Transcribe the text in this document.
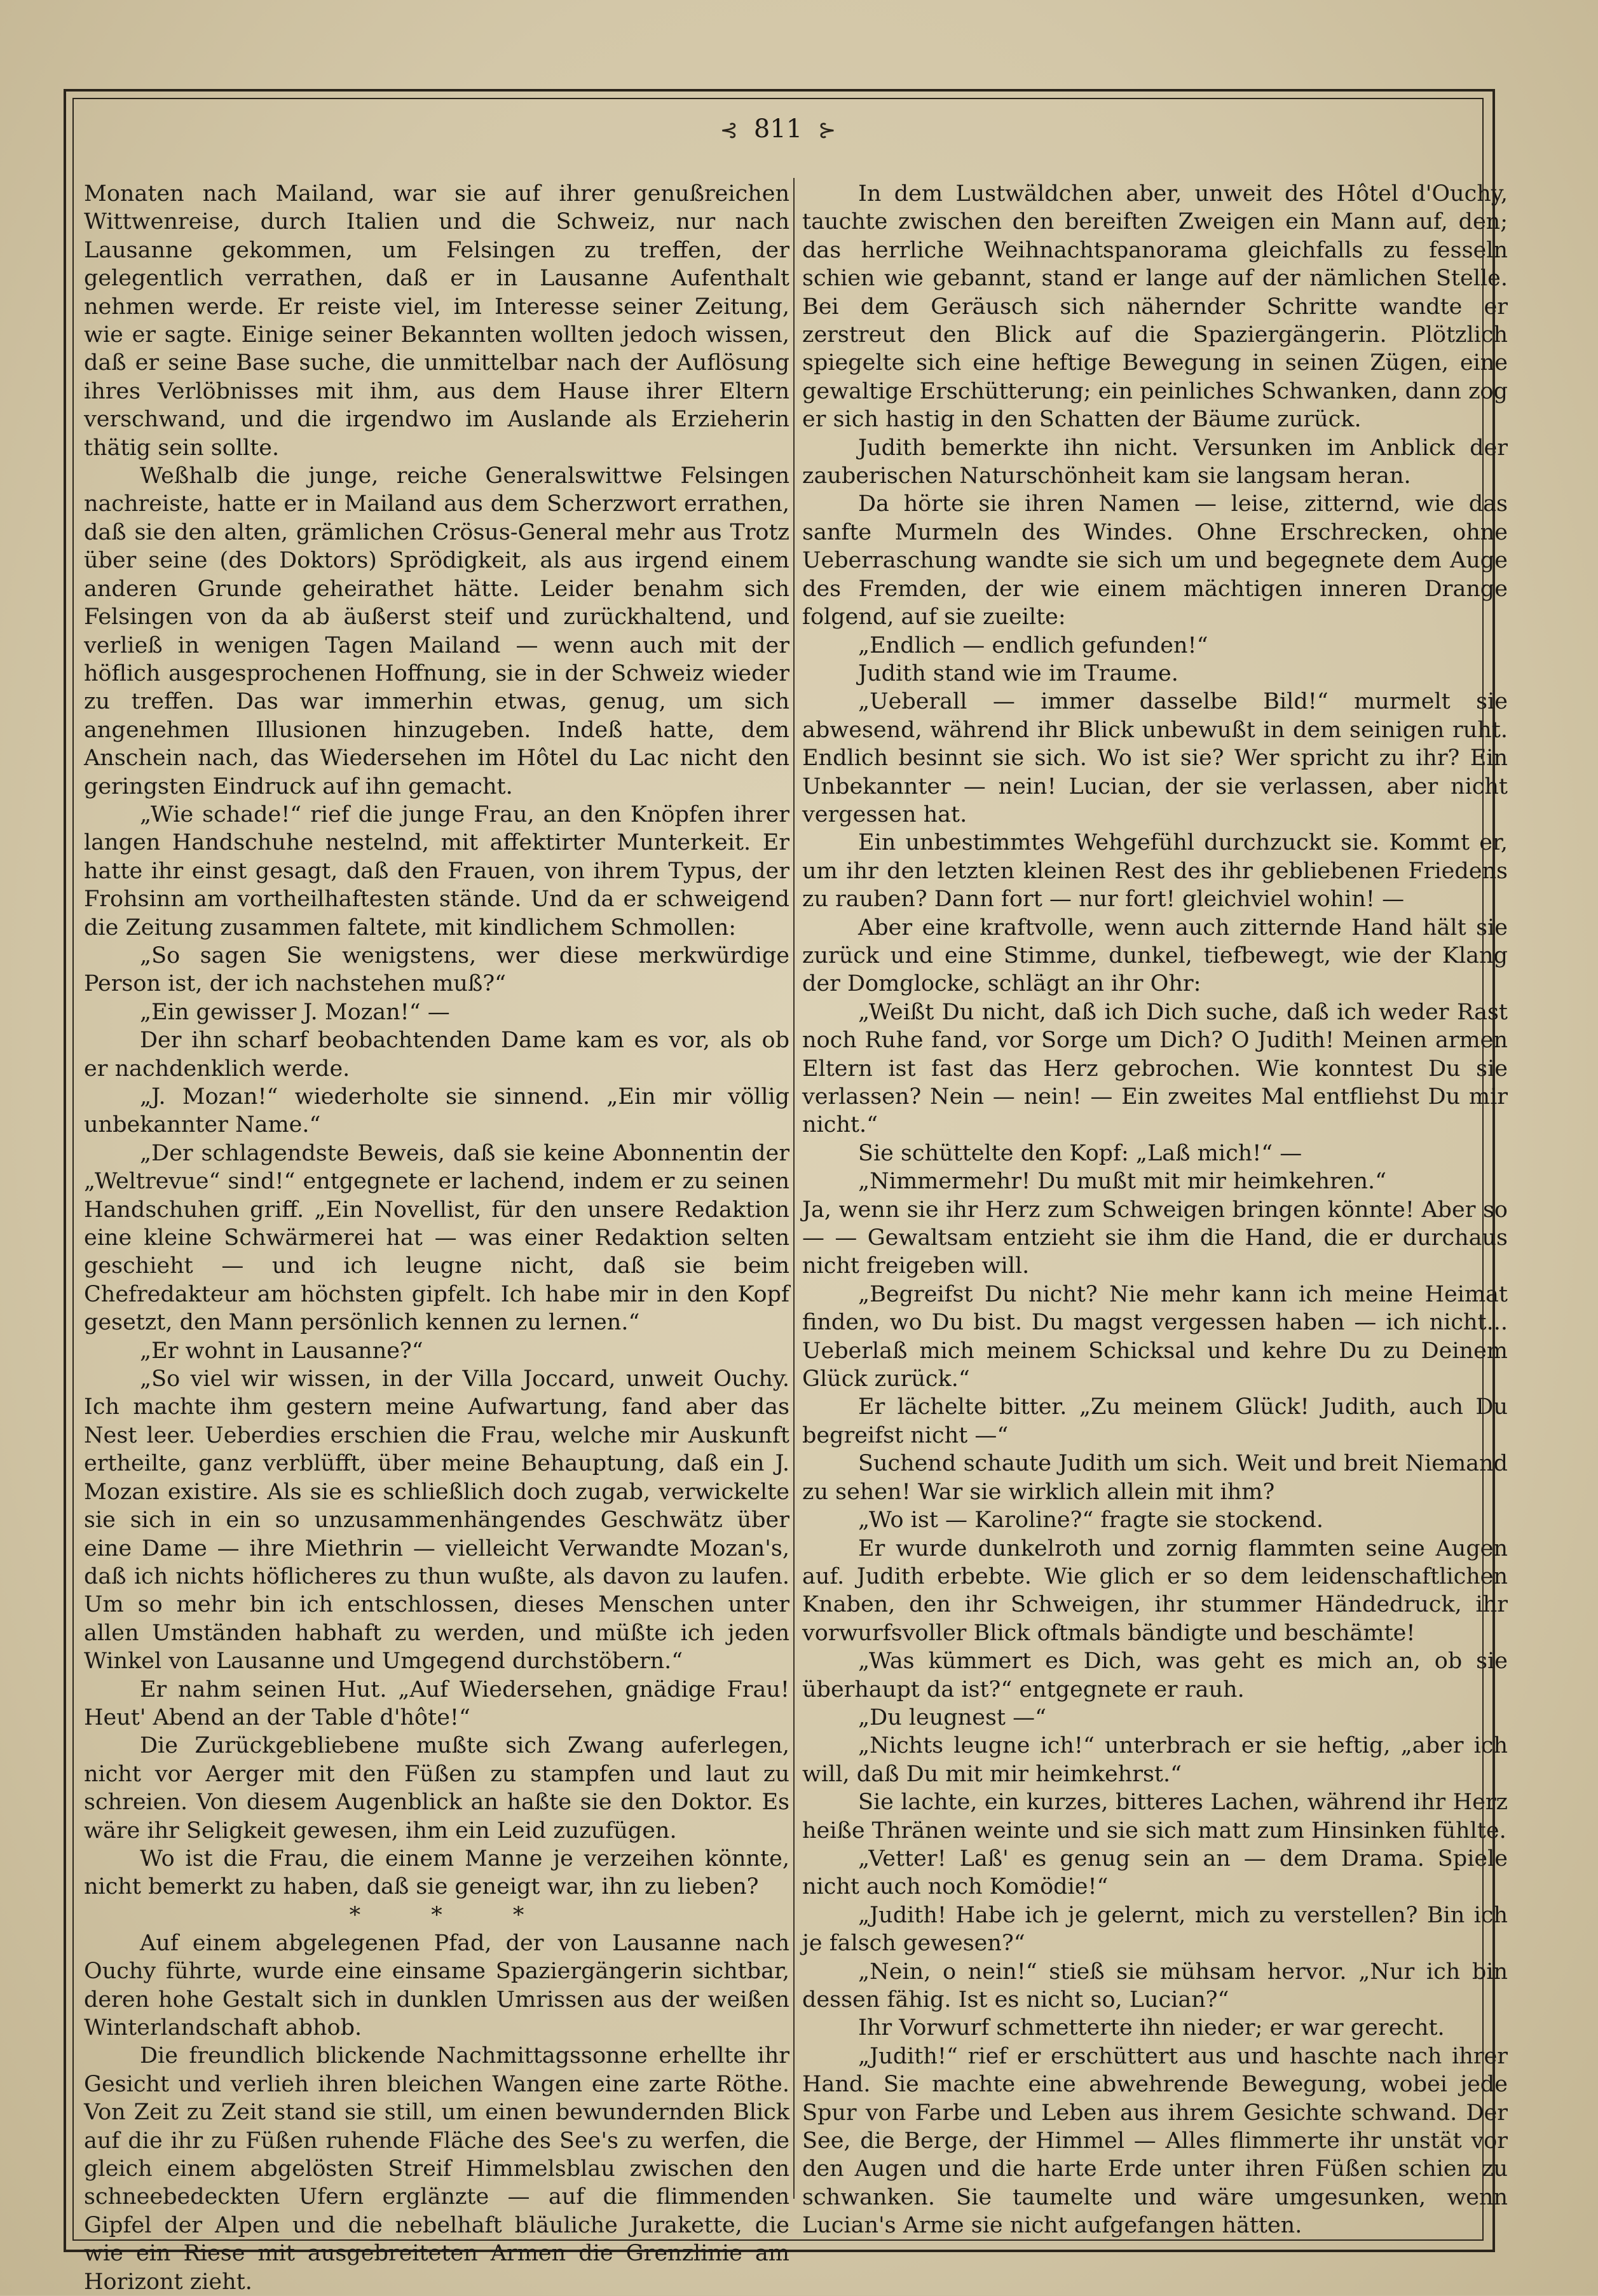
⊰ 811 ⊱

Monaten nach Mailand, war sie auf ihrer genußreichen Wittwenreise, durch Italien und die Schweiz, nur nach Lausanne gekommen, um Felsingen zu treffen, der gelegentlich verrathen, daß er in Lausanne Aufenthalt nehmen werde. Er reiste viel, im Interesse seiner Zeitung, wie er sagte. Einige seiner Bekannten wollten jedoch wissen, daß er seine Base suche, die unmittelbar nach der Auflösung ihres Verlöbnisses mit ihm, aus dem Hause ihrer Eltern verschwand, und die irgendwo im Auslande als Erzieherin thätig sein sollte.

Weßhalb die junge, reiche Generalswittwe Felsingen nachreiste, hatte er in Mailand aus dem Scherzwort errathen, daß sie den alten, grämlichen Crösus-General mehr aus Trotz über seine (des Doktors) Sprödigkeit, als aus irgend einem anderen Grunde geheirathet hätte. Leider benahm sich Felsingen von da ab äußerst steif und zurückhaltend, und verließ in wenigen Tagen Mailand — wenn auch mit der höflich ausgesprochenen Hoffnung, sie in der Schweiz wieder zu treffen. Das war immerhin etwas, genug, um sich angenehmen Illusionen hinzugeben. Indeß hatte, dem Anschein nach, das Wiedersehen im Hôtel du Lac nicht den geringsten Eindruck auf ihn gemacht.

„Wie schade!“ rief die junge Frau, an den Knöpfen ihrer langen Handschuhe nestelnd, mit affektirter Munterkeit. Er hatte ihr einst gesagt, daß den Frauen, von ihrem Typus, der Frohsinn am vortheilhaftesten stände. Und da er schweigend die Zeitung zusammen faltete, mit kindlichem Schmollen:

„So sagen Sie wenigstens, wer diese merkwürdige Person ist, der ich nachstehen muß?“

„Ein gewisser J. Mozan!“ —

Der ihn scharf beobachtenden Dame kam es vor, als ob er nachdenklich werde.

„J. Mozan!“ wiederholte sie sinnend. „Ein mir völlig unbekannter Name.“

„Der schlagendste Beweis, daß sie keine Abonnentin der „Weltrevue“ sind!“ entgegnete er lachend, indem er zu seinen Handschuhen griff. „Ein Novellist, für den unsere Redaktion eine kleine Schwärmerei hat — was einer Redaktion selten geschieht — und ich leugne nicht, daß sie beim Chefredakteur am höchsten gipfelt. Ich habe mir in den Kopf gesetzt, den Mann persönlich kennen zu lernen.“

„Er wohnt in Lausanne?“

„So viel wir wissen, in der Villa Joccard, unweit Ouchy. Ich machte ihm gestern meine Aufwartung, fand aber das Nest leer. Ueberdies erschien die Frau, welche mir Auskunft ertheilte, ganz verblüfft, über meine Behauptung, daß ein J. Mozan existire. Als sie es schließlich doch zugab, verwickelte sie sich in ein so unzusammenhängendes Geschwätz über eine Dame — ihre Miethrin — vielleicht Verwandte Mozan's, daß ich nichts höflicheres zu thun wußte, als davon zu laufen. Um so mehr bin ich entschlossen, dieses Menschen unter allen Umständen habhaft zu werden, und müßte ich jeden Winkel von Lausanne und Umgegend durchstöbern.“

Er nahm seinen Hut. „Auf Wiedersehen, gnädige Frau! Heut' Abend an der Table d'hôte!“

Die Zurückgebliebene mußte sich Zwang auferlegen, nicht vor Aerger mit den Füßen zu stampfen und laut zu schreien. Von diesem Augenblick an haßte sie den Doktor. Es wäre ihr Seligkeit gewesen, ihm ein Leid zuzufügen.

Wo ist die Frau, die einem Manne je verzeihen könnte, nicht bemerkt zu haben, daß sie geneigt war, ihn zu lieben?

* * *

Auf einem abgelegenen Pfad, der von Lausanne nach Ouchy führte, wurde eine einsame Spaziergängerin sichtbar, deren hohe Gestalt sich in dunklen Umrissen aus der weißen Winterlandschaft abhob.

Die freundlich blickende Nachmittagssonne erhellte ihr Gesicht und verlieh ihren bleichen Wangen eine zarte Röthe. Von Zeit zu Zeit stand sie still, um einen bewundernden Blick auf die ihr zu Füßen ruhende Fläche des See's zu werfen, die gleich einem abgelösten Streif Himmelsblau zwischen den schneebedeckten Ufern erglänzte — auf die flimmenden Gipfel der Alpen und die nebelhaft bläuliche Jurakette, die wie ein Riese mit ausgebreiteten Armen die Grenzlinie am Horizont zieht.

In dem Lustwäldchen aber, unweit des Hôtel d'Ouchy, tauchte zwischen den bereiften Zweigen ein Mann auf, den; das herrliche Weihnachtspanorama gleichfalls zu fesseln schien wie gebannt, stand er lange auf der nämlichen Stelle. Bei dem Geräusch sich nähernder Schritte wandte er zerstreut den Blick auf die Spaziergängerin. Plötzlich spiegelte sich eine heftige Bewegung in seinen Zügen, eine gewaltige Erschütterung; ein peinliches Schwanken, dann zog er sich hastig in den Schatten der Bäume zurück.

Judith bemerkte ihn nicht. Versunken im Anblick der zauberischen Naturschönheit kam sie langsam heran.

Da hörte sie ihren Namen — leise, zitternd, wie das sanfte Murmeln des Windes. Ohne Erschrecken, ohne Ueberraschung wandte sie sich um und begegnete dem Auge des Fremden, der wie einem mächtigen inneren Drange folgend, auf sie zueilte:

„Endlich — endlich gefunden!“

Judith stand wie im Traume.

„Ueberall — immer dasselbe Bild!“ murmelt sie abwesend, während ihr Blick unbewußt in dem seinigen ruht. Endlich besinnt sie sich. Wo ist sie? Wer spricht zu ihr? Ein Unbekannter — nein! Lucian, der sie verlassen, aber nicht vergessen hat.

Ein unbestimmtes Wehgefühl durchzuckt sie. Kommt er, um ihr den letzten kleinen Rest des ihr gebliebenen Friedens zu rauben? Dann fort — nur fort! gleichviel wohin! —

Aber eine kraftvolle, wenn auch zitternde Hand hält sie zurück und eine Stimme, dunkel, tiefbewegt, wie der Klang der Domglocke, schlägt an ihr Ohr:

„Weißt Du nicht, daß ich Dich suche, daß ich weder Rast noch Ruhe fand, vor Sorge um Dich? O Judith! Meinen armen Eltern ist fast das Herz gebrochen. Wie konntest Du sie verlassen? Nein — nein! — Ein zweites Mal entfliehst Du mir nicht.“

Sie schüttelte den Kopf: „Laß mich!“ —

„Nimmermehr! Du mußt mit mir heimkehren.“

Ja, wenn sie ihr Herz zum Schweigen bringen könnte! Aber so — — Gewaltsam entzieht sie ihm die Hand, die er durchaus nicht freigeben will.

„Begreifst Du nicht? Nie mehr kann ich meine Heimat finden, wo Du bist. Du magst vergessen haben — ich nicht... Ueberlaß mich meinem Schicksal und kehre Du zu Deinem Glück zurück.“

Er lächelte bitter. „Zu meinem Glück! Judith, auch Du begreifst nicht —“

Suchend schaute Judith um sich. Weit und breit Niemand zu sehen! War sie wirklich allein mit ihm?

„Wo ist — Karoline?“ fragte sie stockend.

Er wurde dunkelroth und zornig flammten seine Augen auf. Judith erbebte. Wie glich er so dem leidenschaftlichen Knaben, den ihr Schweigen, ihr stummer Händedruck, ihr vorwurfsvoller Blick oftmals bändigte und beschämte!

„Was kümmert es Dich, was geht es mich an, ob sie überhaupt da ist?“ entgegnete er rauh.

„Du leugnest —“

„Nichts leugne ich!“ unterbrach er sie heftig, „aber ich will, daß Du mit mir heimkehrst.“

Sie lachte, ein kurzes, bitteres Lachen, während ihr Herz heiße Thränen weinte und sie sich matt zum Hinsinken fühlte.

„Vetter! Laß' es genug sein an — dem Drama. Spiele nicht auch noch Komödie!“

„Judith! Habe ich je gelernt, mich zu verstellen? Bin ich je falsch gewesen?“

„Nein, o nein!“ stieß sie mühsam hervor. „Nur ich bin dessen fähig. Ist es nicht so, Lucian?“

Ihr Vorwurf schmetterte ihn nieder; er war gerecht.

„Judith!“ rief er erschüttert aus und haschte nach ihrer Hand. Sie machte eine abwehrende Bewegung, wobei jede Spur von Farbe und Leben aus ihrem Gesichte schwand. Der See, die Berge, der Himmel — Alles flimmerte ihr unstät vor den Augen und die harte Erde unter ihren Füßen schien zu schwanken. Sie taumelte und wäre umgesunken, wenn Lucian's Arme sie nicht aufgefangen hätten.
